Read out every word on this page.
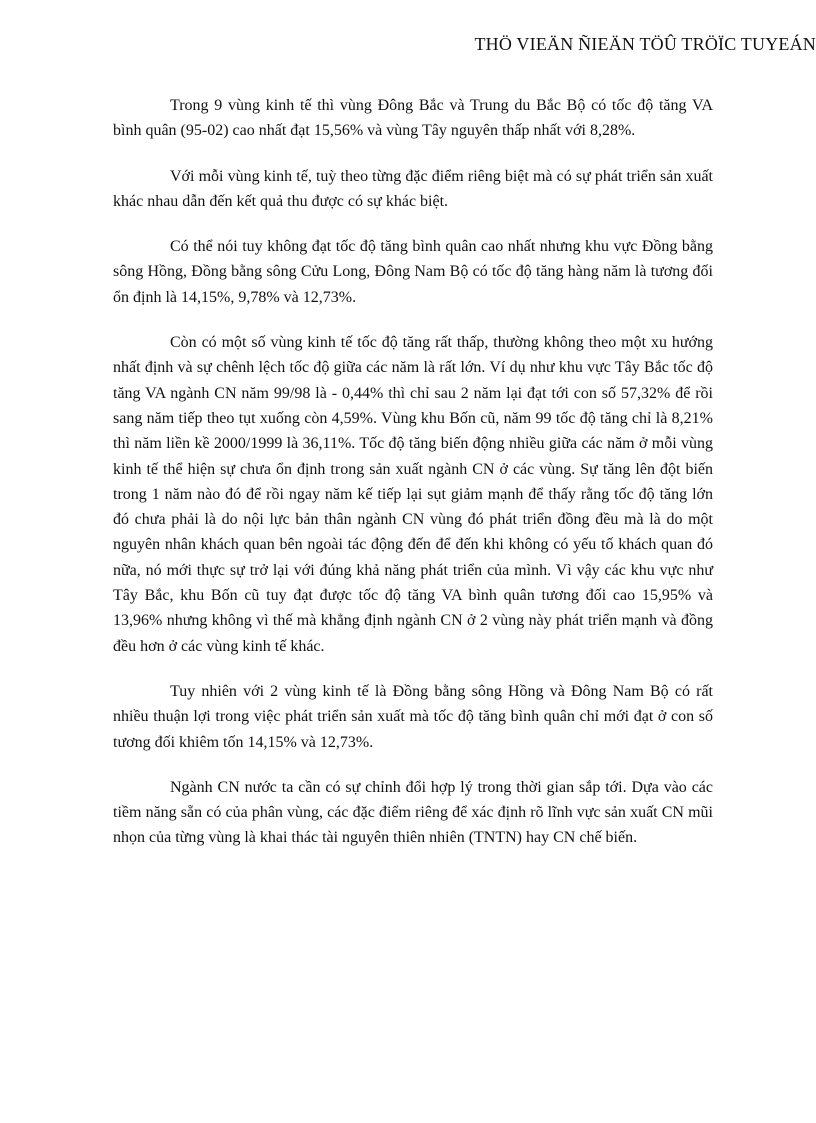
THÖ VIEÄN ÑIEÄN TÖÛ TRÖÏC TUYEÁN

Trong 9 vùng kinh tế thì vùng Đông Bắc và Trung du Bắc Bộ có tốc độ tăng VA bình quân (95-02) cao nhất đạt 15,56% và vùng Tây nguyên thấp nhất với 8,28%.

Với mỗi vùng kinh tế, tuỳ theo từng đặc điểm riêng biệt mà có sự phát triển sản xuất khác nhau dẫn đến kết quả thu được có sự khác biệt.

Có thể nói tuy không đạt tốc độ tăng bình quân cao nhất nhưng khu vực Đồng bằng sông Hồng, Đồng bằng sông Cửu Long, Đông Nam Bộ có tốc độ tăng hàng năm là tương đối ổn định là 14,15%, 9,78% và 12,73%.

Còn có một số vùng kinh tế tốc độ tăng rất thấp, thường không theo một xu hướng nhất định và sự chênh lệch tốc độ giữa các năm là rất lớn. Ví dụ như khu vực Tây Bắc tốc độ tăng VA ngành CN năm 99/98 là - 0,44% thì chỉ sau 2 năm lại đạt tới con số 57,32% để rồi sang năm tiếp theo tụt xuống còn 4,59%. Vùng khu Bốn cũ, năm 99 tốc độ tăng chỉ là 8,21% thì năm liền kề 2000/1999 là 36,11%. Tốc độ tăng biến động nhiều giữa các năm ở mỗi vùng kinh tế thể hiện sự chưa ổn định trong sản xuất ngành CN ở các vùng. Sự tăng lên đột biến trong 1 năm nào đó để rồi ngay năm kế tiếp lại sụt giảm mạnh để thấy rằng tốc độ tăng lớn đó chưa phải là do nội lực bản thân ngành CN vùng đó phát triển đồng đều mà là do một nguyên nhân khách quan bên ngoài tác động đến để đến khi không có yếu tố khách quan đó nữa, nó mới thực sự trở lại với đúng khả năng phát triển của mình. Vì vậy các khu vực như Tây Bắc, khu Bốn cũ tuy đạt được tốc độ tăng VA bình quân tương đối cao 15,95% và 13,96% nhưng không vì thế mà khẳng định ngành CN ở 2 vùng này phát triển mạnh và đồng đều hơn ở các vùng kinh tế khác.

Tuy nhiên với 2 vùng kinh tế là Đồng bằng sông Hồng và Đông Nam Bộ có rất nhiều thuận lợi trong việc phát triển sản xuất mà tốc độ tăng bình quân chỉ mới đạt ở con số tương đối khiêm tốn 14,15% và 12,73%.

Ngành CN nước ta cần có sự chỉnh đổi hợp lý trong thời gian sắp tới. Dựa vào các tiềm năng sẵn có của phân vùng, các đặc điểm riêng để xác định rõ lĩnh vực sản xuất CN mũi nhọn của từng vùng là khai thác tài nguyên thiên nhiên (TNTN) hay CN chế biến.
